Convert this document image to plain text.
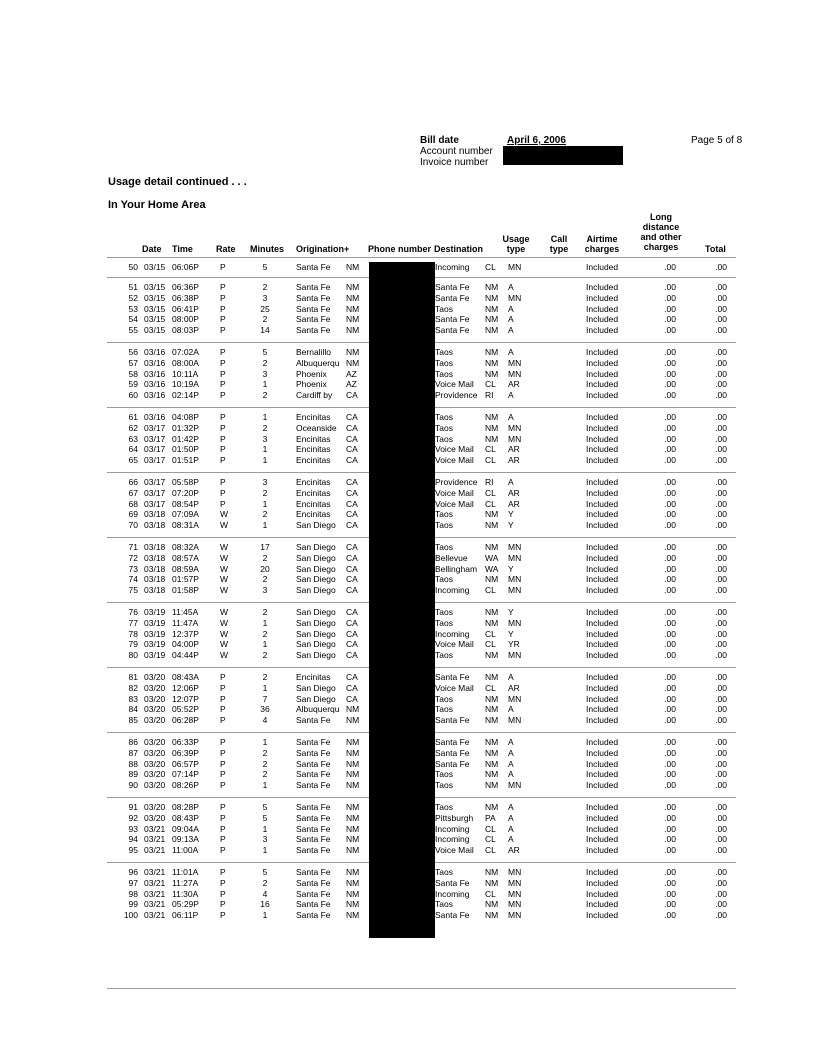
Bill date	April 6, 2006
Account number
Invoice number
Page 5 of 8
Usage detail continued . . .
In Your Home Area
Date Time	Rate Minutes Origination+ Phone number Destination
Usage
type
Call
type
Airtime
charges
Long
distance
and other
charges	Total
50 03/15 06:06P P	5	Santa Fe NM	Incoming CL MN	Included	.00	.00
51 03/15 06:36P P	2	Santa Fe NM	Santa Fe NM A	Included	.00	.00
52 03/15 06:38P P	3	Santa Fe NM	Santa Fe NM MN	Included	.00	.00
53 03/15 06:41P P	25	Santa Fe NM	Taos	NM A	Included	.00	.00
54 03/15 08:00P P	2	Santa Fe NM	Santa Fe NM A	Included	.00	.00
55 03/15 08:03P P	14	Santa Fe NM	Santa Fe NM A	Included	.00	.00
56 03/16 07:02A P	5	Bernalillo NM	Taos	NM A	Included	.00	.00
57 03/16 08:00A P	2	Albuquerqu NM	Taos	NM MN	Included	.00	.00
58 03/16 10:11A	P	3	Phoenix AZ	Taos	NM MN	Included	.00	.00
59 03/16 10:19A P	1	Phoenix AZ	Voice Mail CL AR	Included	.00	.00
60 03/16 02:14P P	2	Cardiff by CA	Providence RI A	Included	.00	.00
61 03/16 04:08P P	1	Encinitas CA	Taos	NM A	Included	.00	.00
62 03/17 01:32P P	2	Oceanside CA	Taos	NM MN	Included	.00	.00
63 03/17 01:42P P	3	Encinitas CA	Taos	NM MN	Included	.00	.00
64 03/17 01:50P P	1	Encinitas CA	Voice Mail CL AR	Included	.00	.00
65 03/17 01:51P P	1	Encinitas CA	Voice Mail CL AR	Included	.00	.00
66 03/17 05:58P P	3	Encinitas CA	Providence RI A	Included	.00	.00
67 03/17 07:20P P	2	Encinitas CA	Voice Mail CL AR	Included	.00	.00
68 03/17 08:54P P	1	Encinitas CA	Voice Mail CL AR	Included	.00	.00
69 03/18 07:09A W	2	Encinitas CA	Taos	NM Y	Included	.00	.00
70 03/18 08:31A W	1	San Diego CA	Taos	NM Y	Included	.00	.00
71 03/18 08:32A W	17	San Diego CA	Taos	NM MN	Included	.00	.00
72 03/18 08:57A W	2	San Diego CA	Bellevue WA MN	Included	.00	.00
73 03/18 08:59A W	20	San Diego CA	Bellingham WA Y	Included	.00	.00
74 03/18 01:57P W	2	San Diego CA	Taos	NM MN	Included	.00	.00
75 03/18 01:58P W	3	San Diego CA	Incoming CL MN	Included	.00	.00
76 03/19 11:45A	W	2	San Diego CA	Taos	NM Y	Included	.00	.00
77 03/19 11:47A	W	1	San Diego CA	Taos	NM MN	Included	.00	.00
78 03/19 12:37P W	2	San Diego CA	Incoming CL Y	Included	.00	.00
79 03/19 04:00P W	1	San Diego CA	Voice Mail CL YR	Included	.00	.00
80 03/19 04:44P W	2	San Diego CA	Taos	NM MN	Included	.00	.00
81 03/20 08:43A P	2	Encinitas CA	Santa Fe NM A	Included	.00	.00
82 03/20 12:06P P	1	San Diego CA	Voice Mail CL AR	Included	.00	.00
83 03/20 12:07P P	7	San Diego CA	Taos	NM MN	Included	.00	.00
84 03/20 05:52P P	36	Albuquerqu NM	Taos	NM A	Included	.00	.00
85 03/20 06:28P P	4	Santa Fe NM	Santa Fe NM MN	Included	.00	.00
86 03/20 06:33P P	1	Santa Fe NM	Santa Fe NM A	Included	.00	.00
87 03/20 06:39P P	2	Santa Fe NM	Santa Fe NM A	Included	.00	.00
88 03/20 06:57P P	2	Santa Fe NM	Santa Fe NM A	Included	.00	.00
89 03/20 07:14P P	2	Santa Fe NM	Taos	NM A	Included	.00	.00
90 03/20 08:26P P	1	Santa Fe NM	Taos	NM MN	Included	.00	.00
91 03/20 08:28P P	5	Santa Fe NM	Taos	NM A	Included	.00	.00
92 03/20 08:43P P	5	Santa Fe NM	Pittsburgh PA A	Included	.00	.00
93 03/21 09:04A P	1	Santa Fe NM	Incoming CL A	Included	.00	.00
94 03/21 09:13A P	3	Santa Fe NM	Incoming CL A	Included	.00	.00
95 03/21 11:00A	P	1	Santa Fe NM	Voice Mail CL AR	Included	.00	.00
96 03/21 11:01A	P	5	Santa Fe NM	Taos	NM MN	Included	.00	.00
97 03/21 11:27A	P	2	Santa Fe NM	Santa Fe NM MN	Included	.00	.00
98 03/21 11:30A	P	4	Santa Fe NM	Incoming CL MN	Included	.00	.00
99 03/21 05:29P P	16	Santa Fe NM	Taos	NM MN	Included	.00	.00
100 03/21 06:11P	P	1	Santa Fe NM	Santa Fe NM MN	Included	.00	.00
